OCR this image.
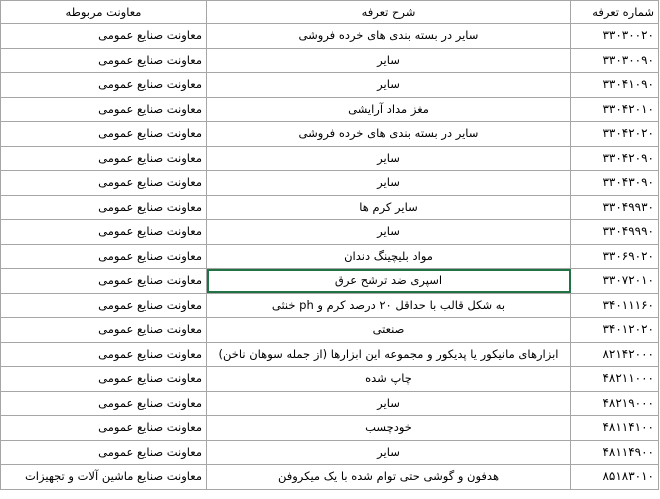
شماره تعرفه	شرح تعرفه	معاونت مربوطه
۳۳۰۳۰۰۲۰	سایر در بسته بندی های خرده فروشی	معاونت صنایع عمومی
۳۳۰۳۰۰۹۰	سایر	معاونت صنایع عمومی
۳۳۰۴۱۰۹۰	سایر	معاونت صنایع عمومی
۳۳۰۴۲۰۱۰	مغز مداد آرایشی	معاونت صنایع عمومی
۳۳۰۴۲۰۲۰	سایر در بسته بندی های خرده فروشی	معاونت صنایع عمومی
۳۳۰۴۲۰۹۰	سایر	معاونت صنایع عمومی
۳۳۰۴۳۰۹۰	سایر	معاونت صنایع عمومی
۳۳۰۴۹۹۳۰	سایر کرم ها	معاونت صنایع عمومی
۳۳۰۴۹۹۹۰	سایر	معاونت صنایع عمومی
۳۳۰۶۹۰۲۰	مواد بلیچینگ دندان	معاونت صنایع عمومی
۳۳۰۷۲۰۱۰	اسپری ضد ترشح عرق	معاونت صنایع عمومی
۳۴۰۱۱۱۶۰	به شکل قالب با حداقل ۲۰ درصد کرم و ph خنثی	معاونت صنایع عمومی
۳۴۰۱۲۰۲۰	صنعتی	معاونت صنایع عمومی
۸۲۱۴۲۰۰۰	ابزارهای مانیکور یا پدیکور و مجموعه این ابزارها (از جمله سوهان ناخن)	معاونت صنایع عمومی
۴۸۲۱۱۰۰۰	چاپ شده	معاونت صنایع عمومی
۴۸۲۱۹۰۰۰	سایر	معاونت صنایع عمومی
۴۸۱۱۴۱۰۰	خودچسب	معاونت صنایع عمومی
۴۸۱۱۴۹۰۰	سایر	معاونت صنایع عمومی
۸۵۱۸۳۰۱۰	هدفون و گوشی حتی توام شده با یک میکروفن	معاونت صنایع ماشین آلات و تجهیزات
